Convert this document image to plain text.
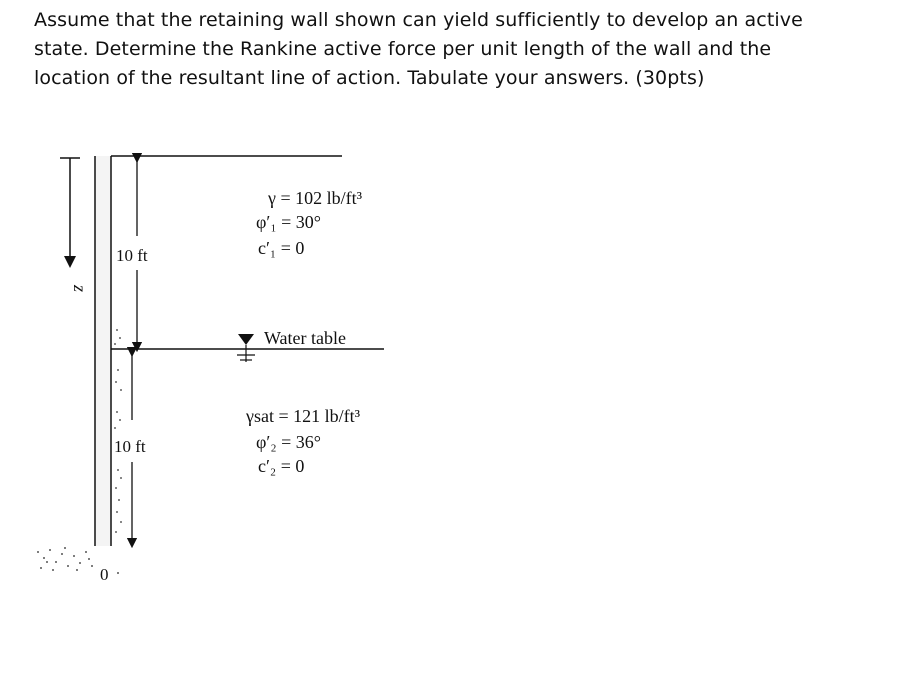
Assume that the retaining wall shown can yield sufficiently to develop an active
state. Determine the Rankine active force per unit length of the wall and the
location of the resultant line of action. Tabulate your answers. (30pts)
z
10 ft
10 ft
0
Water table
γ = 102 lb/ft³
φ′₁ = 30°
c′₁ = 0
γsat = 121 lb/ft³
φ′₂ = 36°
c′₂ = 0
